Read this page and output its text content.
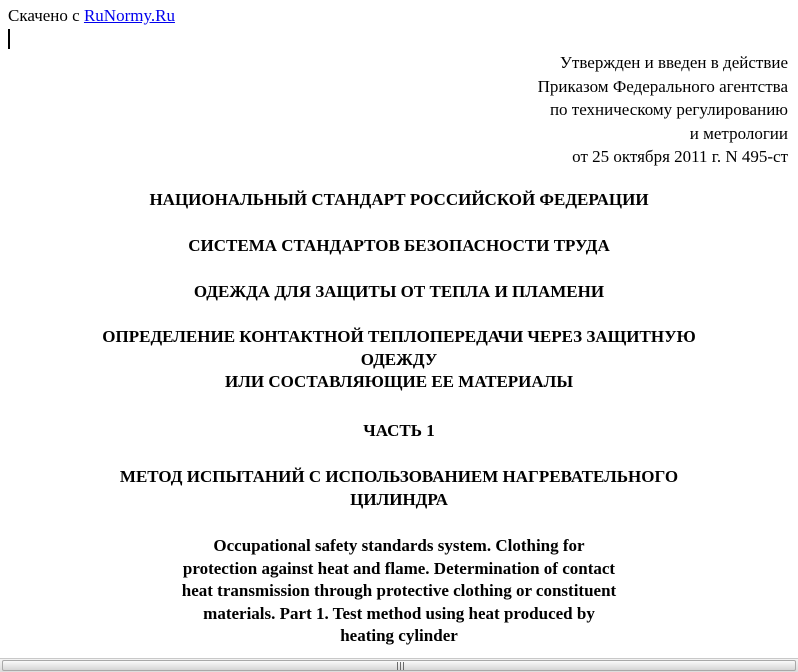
Скачено с RuNormy.Ru
Утвержден и введен в действие
Приказом Федерального агентства
по техническому регулированию
и метрологии
от 25 октября 2011 г. N 495-ст
НАЦИОНАЛЬНЫЙ СТАНДАРТ РОССИЙСКОЙ ФЕДЕРАЦИИ
СИСТЕМА СТАНДАРТОВ БЕЗОПАСНОСТИ ТРУДА
ОДЕЖДА ДЛЯ ЗАЩИТЫ ОТ ТЕПЛА И ПЛАМЕНИ
ОПРЕДЕЛЕНИЕ КОНТАКТНОЙ ТЕПЛОПЕРЕДАЧИ ЧЕРЕЗ ЗАЩИТНУЮ
ОДЕЖДУ
ИЛИ СОСТАВЛЯЮЩИЕ ЕЕ МАТЕРИАЛЫ
ЧАСТЬ 1
МЕТОД ИСПЫТАНИЙ С ИСПОЛЬЗОВАНИЕМ НАГРЕВАТЕЛЬНОГО
ЦИЛИНДРА
Occupational safety standards system. Clothing for
protection against heat and flame. Determination of contact
heat transmission through protective clothing or constituent
materials. Part 1. Test method using heat produced by
heating cylinder
